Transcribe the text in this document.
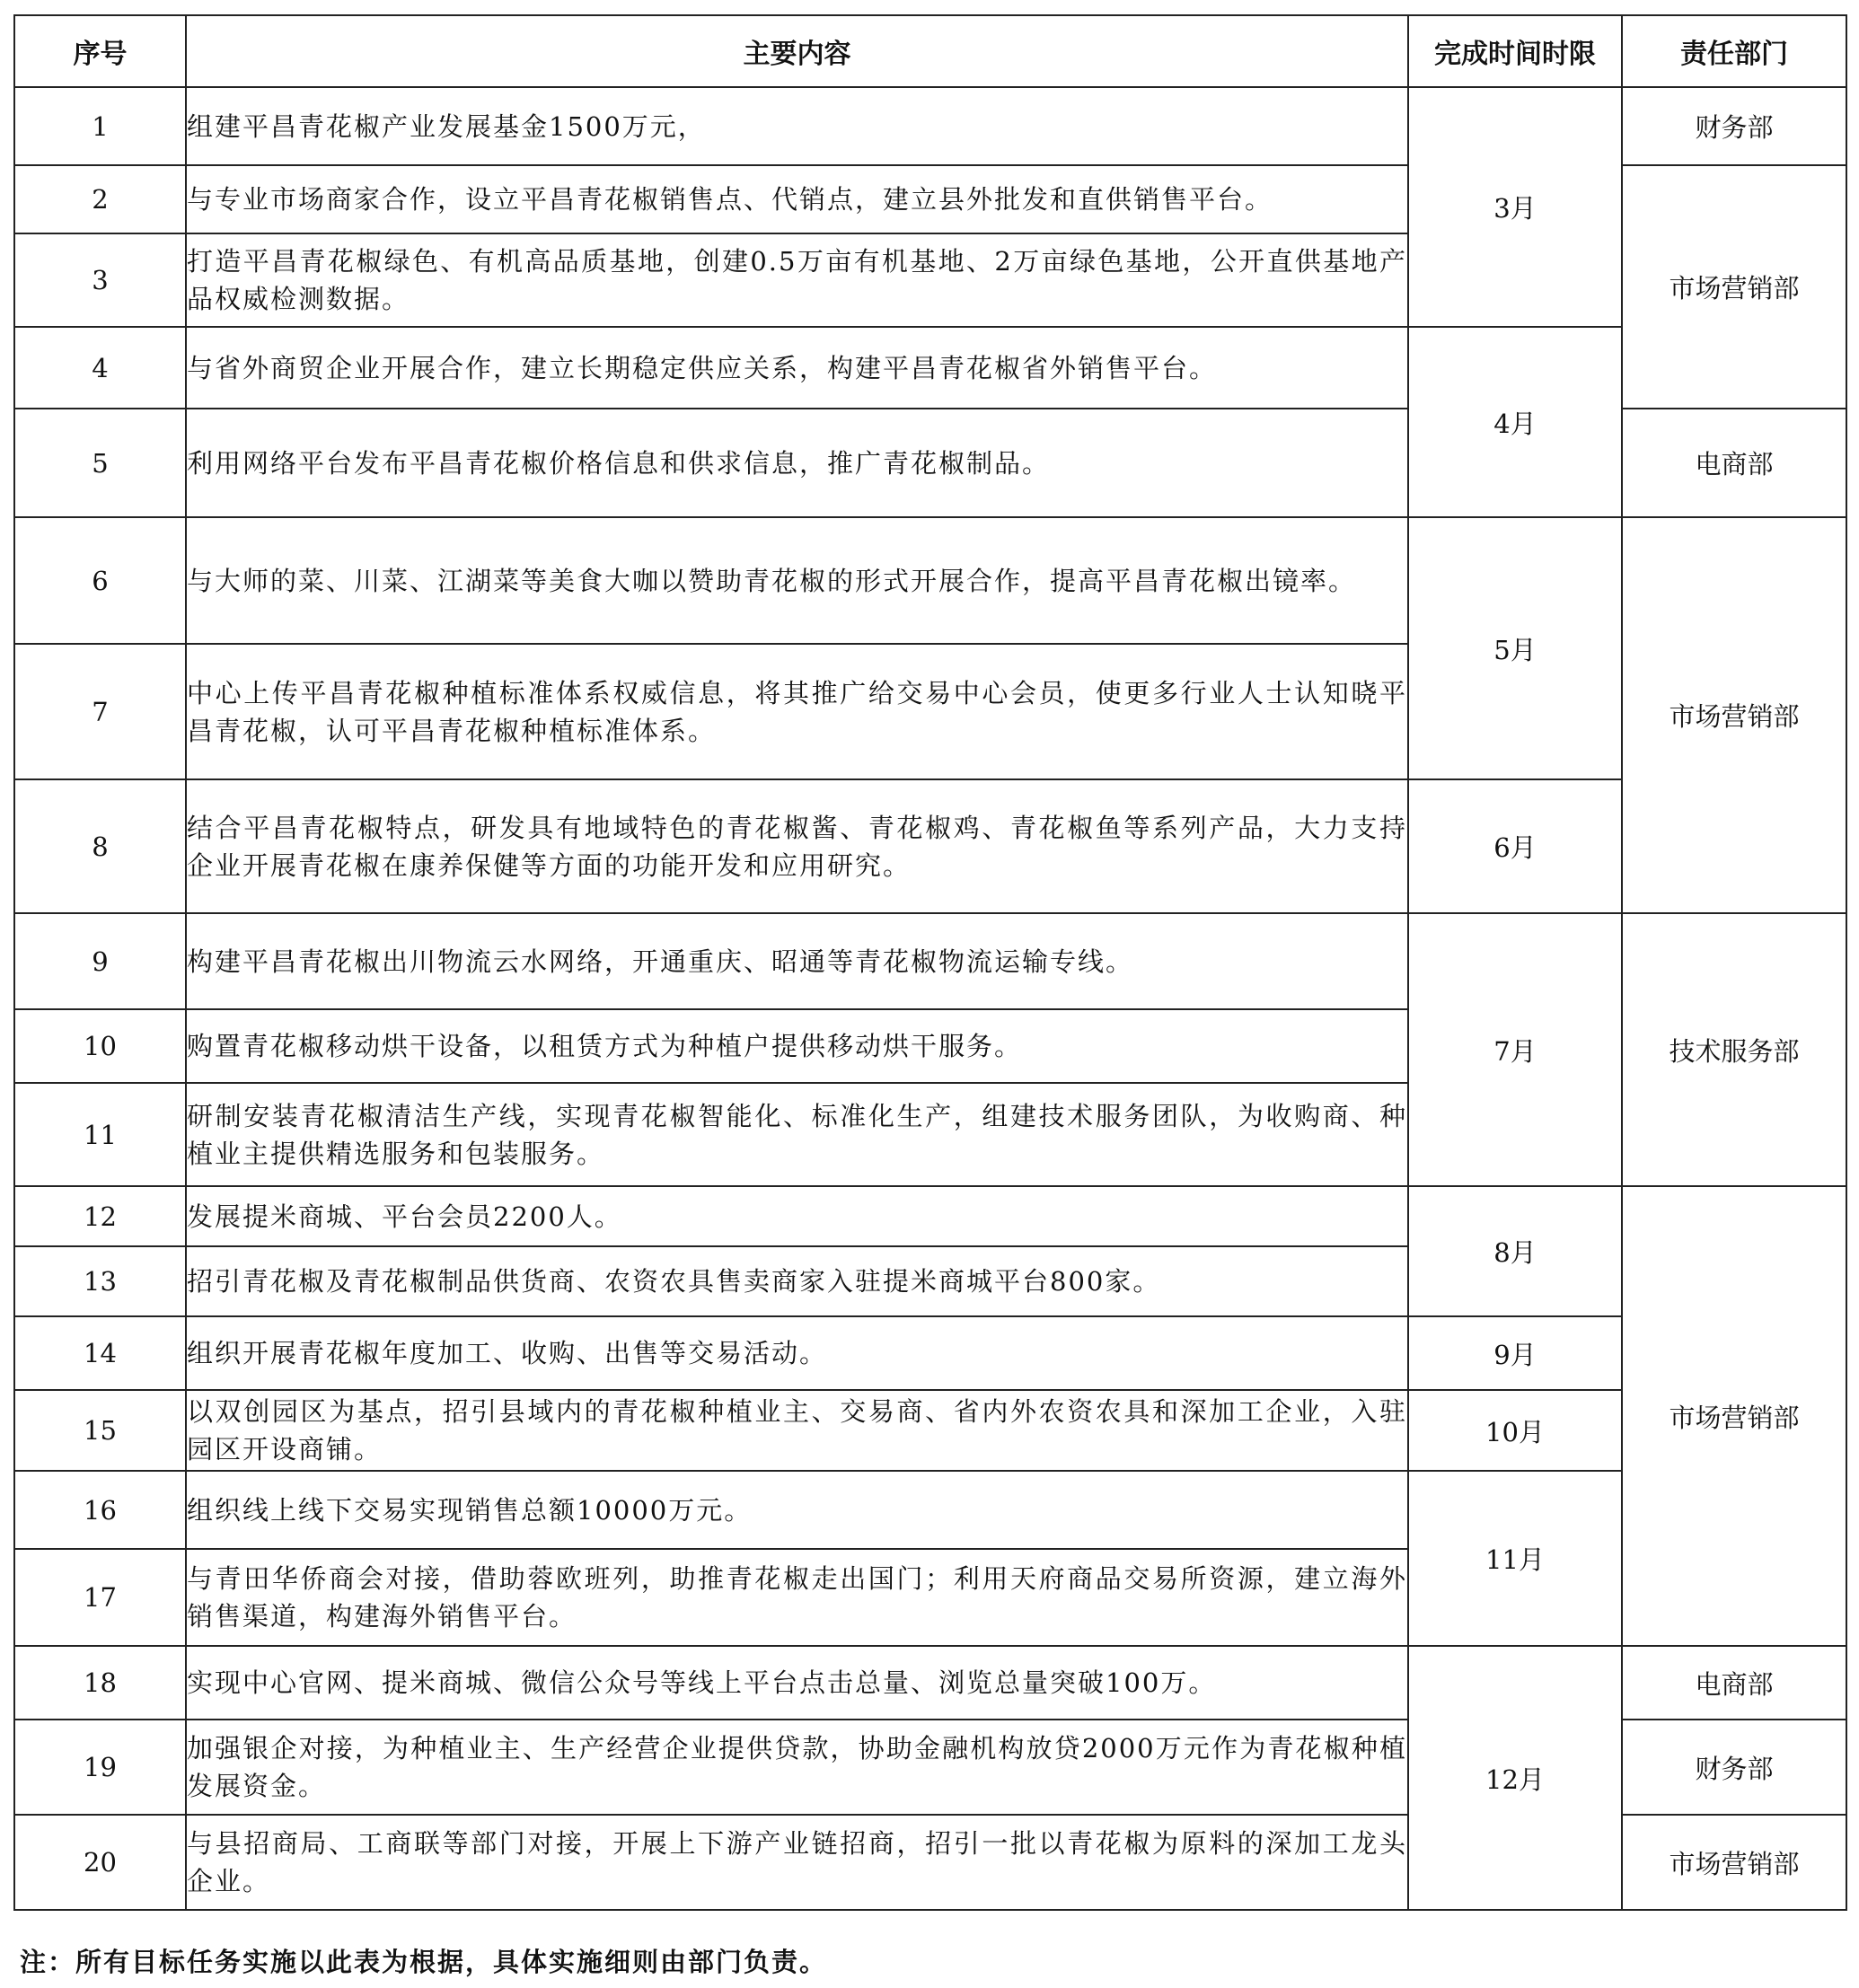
序号	主要内容	完成时间时限	责任部门
1	组建平昌青花椒产业发展基金1500万元，	3月	财务部
2	与专业市场商家合作，设立平昌青花椒销售点、代销点，建立县外批发和直供销售平台。		市场营销部
3	打造平昌青花椒绿色、有机高品质基地，创建0.5万亩有机基地、2万亩绿色基地，公开直供基地产品权威检测数据。		
4	与省外商贸企业开展合作，建立长期稳定供应关系，构建平昌青花椒省外销售平台。	4月	
5	利用网络平台发布平昌青花椒价格信息和供求信息，推广青花椒制品。		电商部
6	与大师的菜、川菜、江湖菜等美食大咖以赞助青花椒的形式开展合作，提高平昌青花椒出镜率。	5月	市场营销部
7	中心上传平昌青花椒种植标准体系权威信息，将其推广给交易中心会员，使更多行业人士认知晓平昌青花椒，认可平昌青花椒种植标准体系。		
8	结合平昌青花椒特点，研发具有地域特色的青花椒酱、青花椒鸡、青花椒鱼等系列产品，大力支持企业开展青花椒在康养保健等方面的功能开发和应用研究。	6月	
9	构建平昌青花椒出川物流云水网络，开通重庆、昭通等青花椒物流运输专线。	7月	技术服务部
10	购置青花椒移动烘干设备，以租赁方式为种植户提供移动烘干服务。		
11	研制安装青花椒清洁生产线，实现青花椒智能化、标准化生产，组建技术服务团队，为收购商、种植业主提供精选服务和包装服务。		
12	发展提米商城、平台会员2200人。	8月	市场营销部
13	招引青花椒及青花椒制品供货商、农资农具售卖商家入驻提米商城平台800家。		
14	组织开展青花椒年度加工、收购、出售等交易活动。	9月	
15	以双创园区为基点，招引县域内的青花椒种植业主、交易商、省内外农资农具和深加工企业，入驻园区开设商铺。	10月	
16	组织线上线下交易实现销售总额10000万元。	11月	
17	与青田华侨商会对接，借助蓉欧班列，助推青花椒走出国门；利用天府商品交易所资源，建立海外销售渠道，构建海外销售平台。		
18	实现中心官网、提米商城、微信公众号等线上平台点击总量、浏览总量突破100万。	12月	电商部
19	加强银企对接，为种植业主、生产经营企业提供贷款，协助金融机构放贷2000万元作为青花椒种植发展资金。		财务部
20	与县招商局、工商联等部门对接，开展上下游产业链招商，招引一批以青花椒为原料的深加工龙头企业。		市场营销部
注：所有目标任务实施以此表为根据，具体实施细则由部门负责。
